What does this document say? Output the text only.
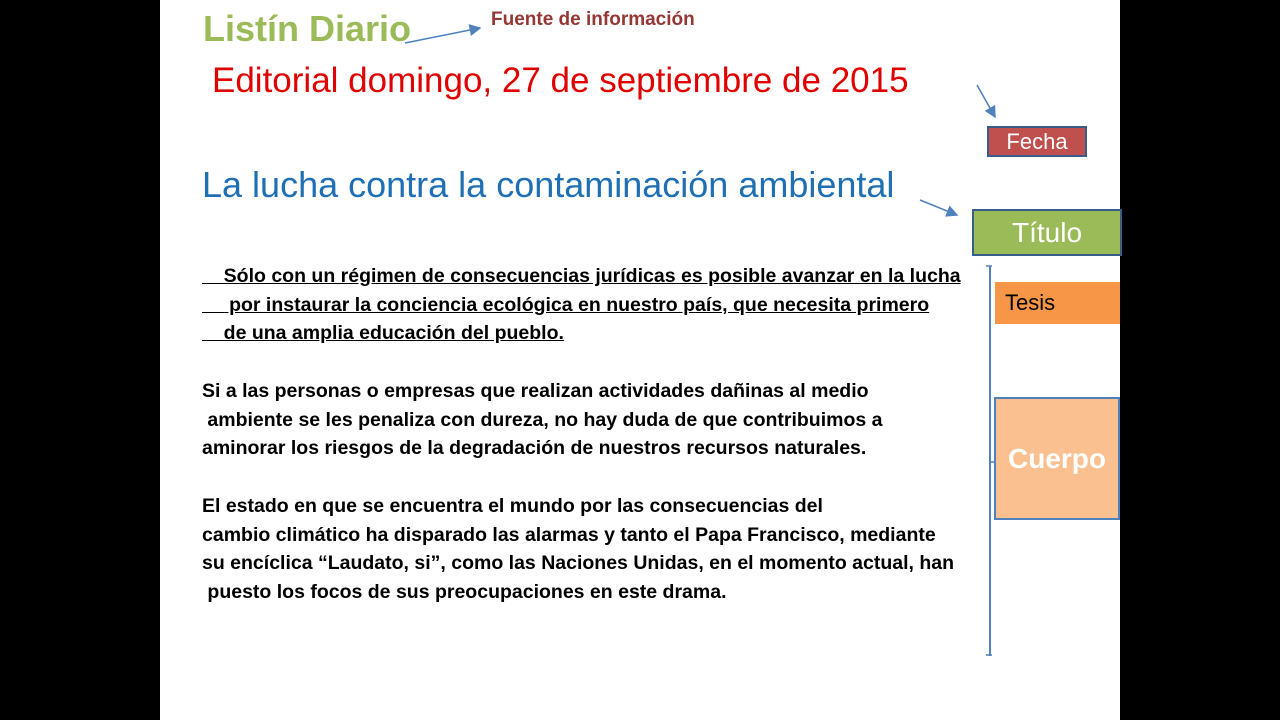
Listín Diario	Fuente de información
Editorial domingo, 27 de septiembre de 2015
La lucha contra la contaminación ambiental
Sólo con un régimen de consecuencias jurídicas es posible avanzar en la lucha
por instaurar la conciencia ecológica en nuestro país, que necesita primero
de una amplia educación del pueblo.
Si a las personas o empresas que realizan actividades dañinas al medio
ambiente se les penaliza con dureza, no hay duda de que contribuimos a
aminorar los riesgos de la degradación de nuestros recursos naturales.
El estado en que se encuentra el mundo por las consecuencias del
cambio climático ha disparado las alarmas y tanto el Papa Francisco, mediante
su encíclica “Laudato, si”, como las Naciones Unidas, en el momento actual, han
puesto los focos de sus preocupaciones en este drama.
Fecha
Título
Tesis
Cuerpo
